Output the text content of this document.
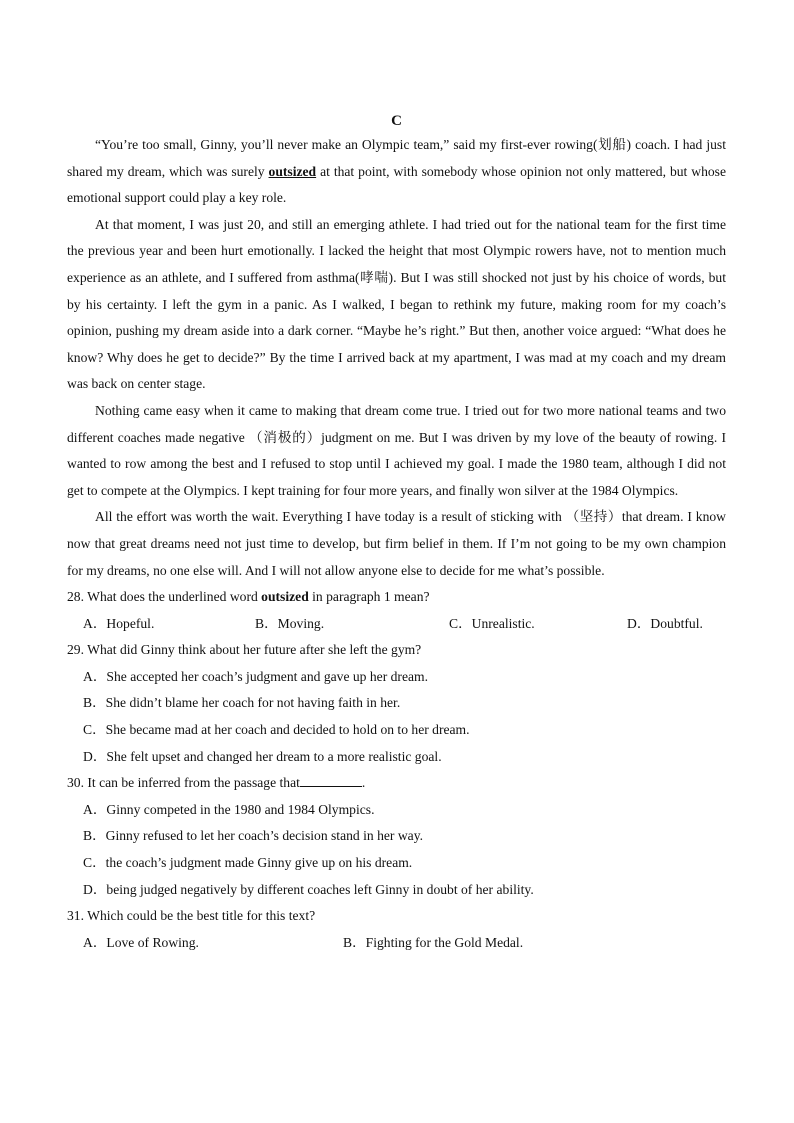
C

“You’re too small, Ginny, you’ll never make an Olympic team,” said my first-ever rowing(划船) coach. I had just shared my dream, which was surely outsized at that point, with somebody whose opinion not only mattered, but whose emotional support could play a key role.

At that moment, I was just 20, and still an emerging athlete. I had tried out for the national team for the first time the previous year and been hurt emotionally. I lacked the height that most Olympic rowers have, not to mention much experience as an athlete, and I suffered from asthma(哮喘). But I was still shocked not just by his choice of words, but by his certainty. I left the gym in a panic. As I walked, I began to rethink my future, making room for my coach’s opinion, pushing my dream aside into a dark corner. “Maybe he’s right.” But then, another voice argued: “What does he know? Why does he get to decide?” By the time I arrived back at my apartment, I was mad at my coach and my dream was back on center stage.

Nothing came easy when it came to making that dream come true. I tried out for two more national teams and two different coaches made negative （消极的）judgment on me. But I was driven by my love of the beauty of rowing. I wanted to row among the best and I refused to stop until I achieved my goal. I made the 1980 team, although I did not get to compete at the Olympics. I kept training for four more years, and finally won silver at the 1984 Olympics.

All the effort was worth the wait. Everything I have today is a result of sticking with （坚持）that dream. I know now that great dreams need not just time to develop, but firm belief in them. If I’m not going to be my own champion for my dreams, no one else will. And I will not allow anyone else to decide for me what’s possible.

28. What does the underlined word outsized in paragraph 1 mean?

A．Hopeful.	B．Moving.	C．Unrealistic.	D．Doubtful.

29. What did Ginny think about her future after she left the gym?

A．She accepted her coach’s judgment and gave up her dream.

B．She didn’t blame her coach for not having faith in her.

C．She became mad at her coach and decided to hold on to her dream.

D．She felt upset and changed her dream to a more realistic goal.

30. It can be inferred from the passage that	.

A．Ginny competed in the 1980 and 1984 Olympics.

B．Ginny refused to let her coach’s decision stand in her way.

C．the coach’s judgment made Ginny give up on his dream.

D．being judged negatively by different coaches left Ginny in doubt of her ability.

31. Which could be the best title for this text?

A．Love of Rowing.	B．Fighting for the Gold Medal.
